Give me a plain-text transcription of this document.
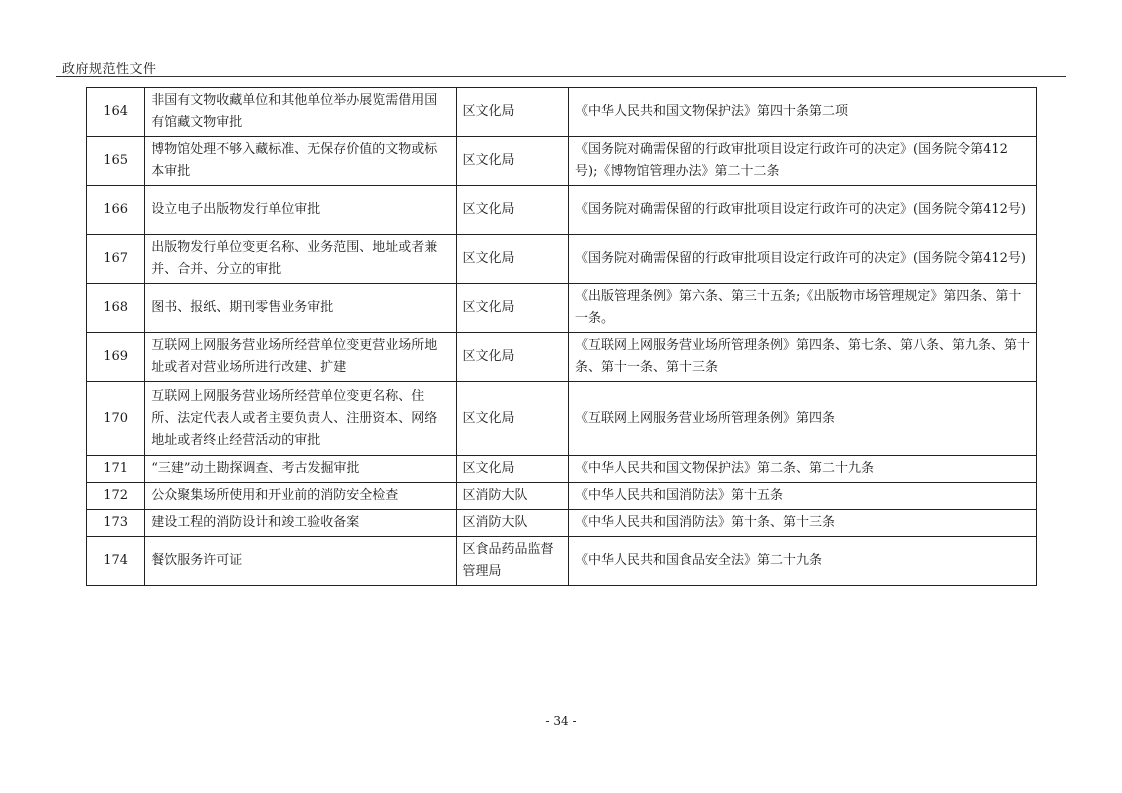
政府规范性文件
164	非国有文物收藏单位和其他单位举办展览需借用国有馆藏文物审批	区文化局	《中华人民共和国文物保护法》第四十条第二项
165	博物馆处理不够入藏标准、无保存价值的文物或标本审批	区文化局	《国务院对确需保留的行政审批项目设定行政许可的决定》(国务院令第412号);《博物馆管理办法》第二十二条
166	设立电子出版物发行单位审批	区文化局	《国务院对确需保留的行政审批项目设定行政许可的决定》(国务院令第412号)
167	出版物发行单位变更名称、业务范围、地址或者兼并、合并、分立的审批	区文化局	《国务院对确需保留的行政审批项目设定行政许可的决定》(国务院令第412号)
168	图书、报纸、期刊零售业务审批	区文化局	《出版管理条例》第六条、第三十五条;《出版物市场管理规定》第四条、第十一条。
169	互联网上网服务营业场所经营单位变更营业场所地址或者对营业场所进行改建、扩建	区文化局	《互联网上网服务营业场所管理条例》第四条、第七条、第八条、第九条、第十条、第十一条、第十三条
170	互联网上网服务营业场所经营单位变更名称、住所、法定代表人或者主要负责人、注册资本、网络地址或者终止经营活动的审批	区文化局	《互联网上网服务营业场所管理条例》第四条
171	“三建”动土勘探调查、考古发掘审批	区文化局	《中华人民共和国文物保护法》第二条、第二十九条
172	公众聚集场所使用和开业前的消防安全检查	区消防大队	《中华人民共和国消防法》第十五条
173	建设工程的消防设计和竣工验收备案	区消防大队	《中华人民共和国消防法》第十条、第十三条
174	餐饮服务许可证	区食品药品监督管理局	《中华人民共和国食品安全法》第二十九条
- 34 -
